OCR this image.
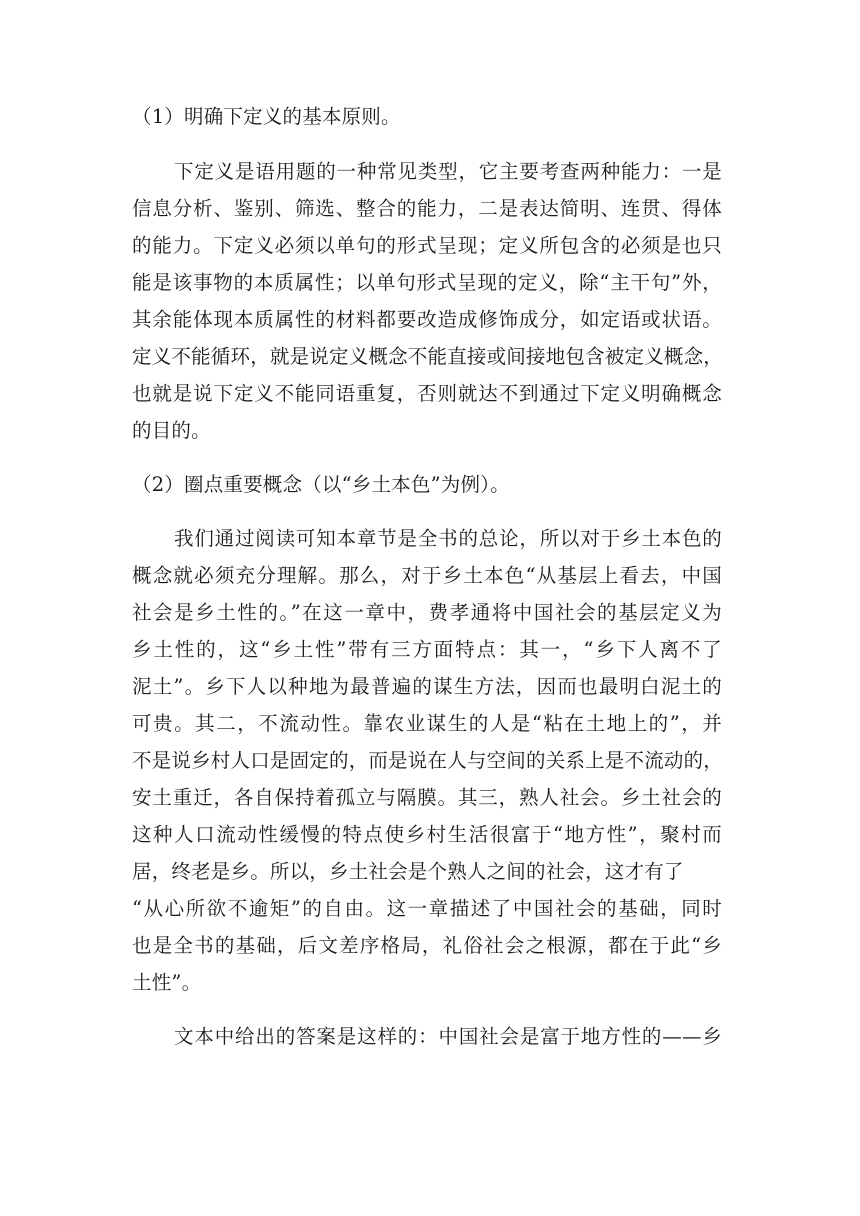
（1）明确下定义的基本原则。
下定义是语用题的一种常见类型，它主要考查两种能力：一是
信息分析、鉴别、筛选、整合的能力，二是表达简明、连贯、得体
的能力。下定义必须以单句的形式呈现；定义所包含的必须是也只
能是该事物的本质属性；以单句形式呈现的定义，除“主干句”外，
其余能体现本质属性的材料都要改造成修饰成分，如定语或状语。
定义不能循环，就是说定义概念不能直接或间接地包含被定义概念，
也就是说下定义不能同语重复，否则就达不到通过下定义明确概念
的目的。
（2）圈点重要概念（以“乡土本色”为例）。
我们通过阅读可知本章节是全书的总论，所以对于乡土本色的
概念就必须充分理解。那么，对于乡土本色“从基层上看去，中国
社会是乡土性的。”在这一章中，费孝通将中国社会的基层定义为
乡土性的，这“乡土性”带有三方面特点：其一，“乡下人离不了
泥土”。乡下人以种地为最普遍的谋生方法，因而也最明白泥土的
可贵。其二，不流动性。靠农业谋生的人是“粘在土地上的”，并
不是说乡村人口是固定的，而是说在人与空间的关系上是不流动的，
安土重迁，各自保持着孤立与隔膜。其三，熟人社会。乡土社会的
这种人口流动性缓慢的特点使乡村生活很富于“地方性”，聚村而
居，终老是乡。所以，乡土社会是个熟人之间的社会，这才有了
“从心所欲不逾矩”的自由。这一章描述了中国社会的基础，同时
也是全书的基础，后文差序格局，礼俗社会之根源，都在于此“乡
土性”。
文本中给出的答案是这样的：中国社会是富于地方性的——乡
